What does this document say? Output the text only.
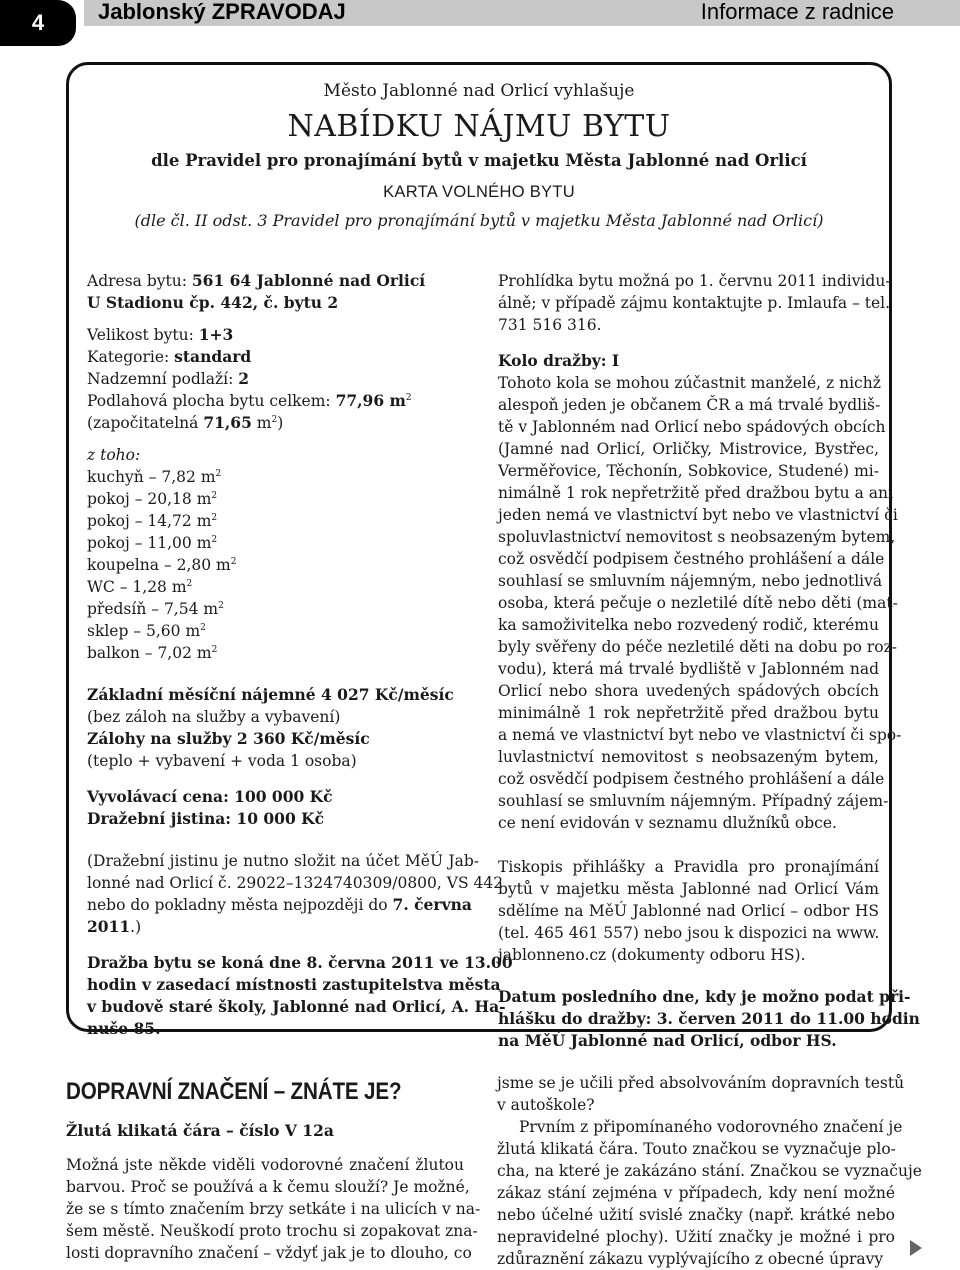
4 Jablonský ZPRAVODAJ	Informace z radnice
Město Jablonné nad Orlicí vyhlašuje
NABÍDKU NÁJMU BYTU
dle Pravidel pro pronajímání bytů v majetku Města Jablonné nad Orlicí
KARTA VOLNÉHO BYTU
(dle čl. II odst. 3 Pravidel pro pronajímání bytů v majetku Města Jablonné nad Orlicí)
Adresa bytu: 561 64 Jablonné nad Orlicí
U Stadionu čp. 442, č. bytu 2
Velikost bytu: 1+3
Kategorie: standard
Nadzemní podlaží: 2
Podlahová plocha bytu celkem: 77,96 $m^2$
(započitatelná 71,65 $m^2$)
z toho:
kuchyň – 7,82 $m^2$
pokoj – 20,18 $m^2$
pokoj – 14,72 $m^2$
pokoj – 11,00 $m^2$
koupelna – 2,80 $m^2$
WC – 1,28 $m^2$
předsíň – 7,54 $m^2$
sklep – 5,60 $m^2$
balkon – 7,02 $m^2$
Základní měsíční nájemné 4 027 Kč/měsíc
(bez záloh na služby a vybavení)
Zálohy na služby 2 360 Kč/měsíc
(teplo + vybavení + voda 1 osoba)
Vyvolávací cena: 100 000 Kč
Dražební jistina: 10 000 Kč
(Dražební jistinu je nutno složit na účet MěÚ Jab-
lonné nad Orlicí č. 29022–1324740309/0800, VS 442
nebo do pokladny města nejpozději do 7. června
2011.)
Dražba bytu se koná dne 8. června 2011 ve 13.00
hodin v zasedací místnosti zastupitelstva města
v budově staré školy, Jablonné nad Orlicí, A. Ha-
nuše 85.
Prohlídka bytu možná po 1. červnu 2011 individu-
álně; v případě zájmu kontaktujte p. Imlaufa – tel.
731 516 316.
Kolo dražby: I
Tohoto kola se mohou zúčastnit manželé, z nichž
alespoň jeden je občanem ČR a má trvalé bydliš-
tě v Jablonném nad Orlicí nebo spádových obcích
(Jamné nad Orlicí, Orličky, Mistrovice, Bystřec,
Verměřovice, Těchonín, Sobkovice, Studené) mi-
nimálně 1 rok nepřetržitě před dražbou bytu a ani
jeden nemá ve vlastnictví byt nebo ve vlastnictví či
spoluvlastnictví nemovitost s neobsazeným bytem,
což osvědčí podpisem čestného prohlášení a dále
souhlasí se smluvním nájemným, nebo jednotlivá
osoba, která pečuje o nezletilé dítě nebo děti (mat-
ka samoživitelka nebo rozvedený rodič, kterému
byly svěřeny do péče nezletilé děti na dobu po roz-
vodu), která má trvalé bydliště v Jablonném nad
Orlicí nebo shora uvedených spádových obcích
minimálně 1 rok nepřetržitě před dražbou bytu
a nemá ve vlastnictví byt nebo ve vlastnictví či spo-
luvlastnictví nemovitost s neobsazeným bytem,
což osvědčí podpisem čestného prohlášení a dále
souhlasí se smluvním nájemným. Případný zájem-
ce není evidován v seznamu dlužníků obce.
Tiskopis přihlášky a Pravidla pro pronajímání
bytů v majetku města Jablonné nad Orlicí Vám
sdělíme na MěÚ Jablonné nad Orlicí – odbor HS
(tel. 465 461 557) nebo jsou k dispozici na www.
jablonneno.cz (dokumenty odboru HS).
Datum posledního dne, kdy je možno podat při-
hlášku do dražby: 3. červen 2011 do 11.00 hodin
na MěÚ Jablonné nad Orlicí, odbor HS.
DOPRAVNÍ ZNAČENÍ – ZNÁTE JE?
Žlutá klikatá čára – číslo V 12a
Možná jste někde viděli vodorovné značení žlutou
barvou. Proč se používá a k čemu slouží? Je možné,
že se s tímto značením brzy setkáte i na ulicích v na-
šem městě. Neuškodí proto trochu si zopakovat zna-
losti dopravního značení – vždyť jak je to dlouho, co
jsme se je učili před absolvováním dopravních testů
v autoškole?
Prvním z připomínaného vodorovného značení je
žlutá klikatá čára. Touto značkou se vyznačuje plo-
cha, na které je zakázáno stání. Značkou se vyznačuje
zákaz stání zejména v případech, kdy není možné
nebo účelné užití svislé značky (např. krátké nebo
nepravidelné plochy). Užití značky je možné i pro
zdůraznění zákazu vyplývajícího z obecné úpravy
